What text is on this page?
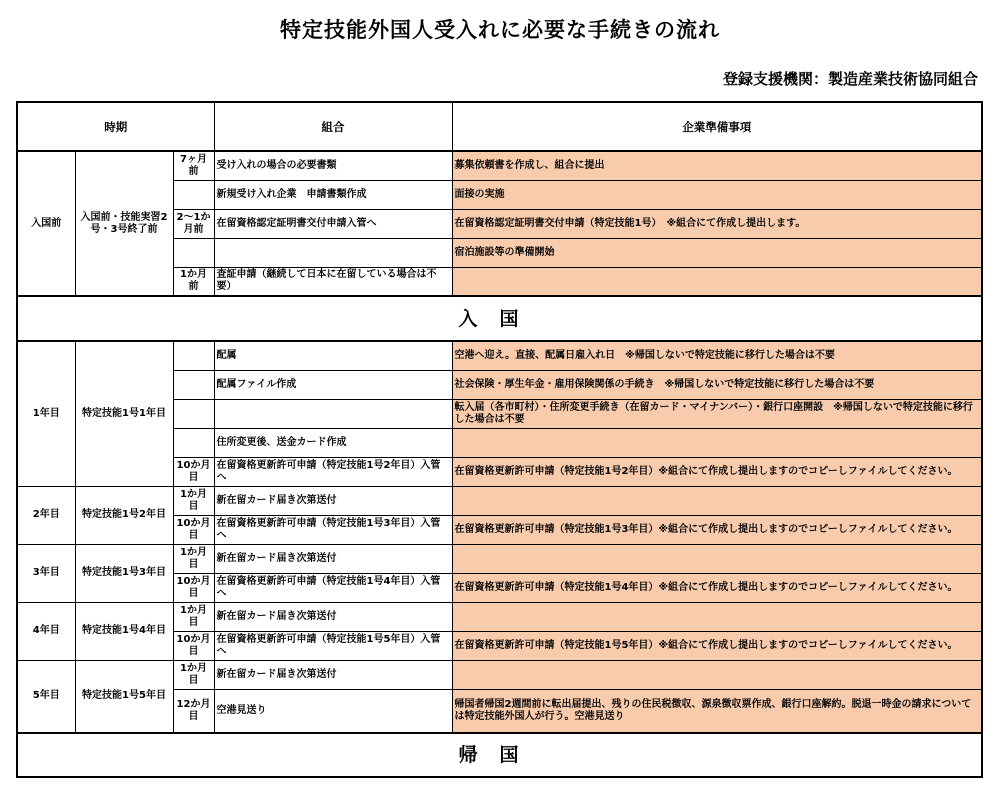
特定技能外国人受入れに必要な手続きの流れ
登録支援機関：製造産業技術協同組合
時期			組合	企業準備事項
入国前	入国前・技能実習2号・3号終了前	7ヶ月前	受け入れの場合の必要書類	募集依頼書を作成し、組合に提出
			新規受け入れ企業　申請書類作成	面接の実施
		2～1か月前	在留資格認定証明書交付申請入管へ	在留資格認定証明書交付申請（特定技能1号）　※組合にて作成し提出します。
				宿泊施設等の準備開始
		1か月前	査証申請（継続して日本に在留している場合は不要）	
入国				
1年目	特定技能1号1年目		配属	空港へ迎え。直接、配属日雇入れ日　※帰国しないで特定技能に移行した場合は不要
			配属ファイル作成	社会保険・厚生年金・雇用保険関係の手続き　※帰国しないで特定技能に移行した場合は不要
				転入届（各市町村）・住所変更手続き（在留カード・マイナンバー）・銀行口座開設　※帰国しないで特定技能に移行した場合は不要
			住所変更後、送金カード作成	
		10か月目	在留資格更新許可申請（特定技能1号2年目）入管へ	在留資格更新許可申請（特定技能1号2年目）※組合にて作成し提出しますのでコピーしファイルしてください。
2年目	特定技能1号2年目	1か月目	新在留カード届き次第送付	
		10か月目	在留資格更新許可申請（特定技能1号3年目）入管へ	在留資格更新許可申請（特定技能1号3年目）※組合にて作成し提出しますのでコピーしファイルしてください。
3年目	特定技能1号3年目	1か月目	新在留カード届き次第送付	
		10か月目	在留資格更新許可申請（特定技能1号4年目）入管へ	在留資格更新許可申請（特定技能1号4年目）※組合にて作成し提出しますのでコピーしファイルしてください。
4年目	特定技能1号4年目	1か月目	新在留カード届き次第送付	
		10か月目	在留資格更新許可申請（特定技能1号5年目）入管へ	在留資格更新許可申請（特定技能1号5年目）※組合にて作成し提出しますのでコピーしファイルしてください。
5年目	特定技能1号5年目	1か月目	新在留カード届き次第送付	
		12か月目	空港見送り	帰国者帰国2週間前に転出届提出、残りの住民税徴収、源泉徴収票作成、銀行口座解約。脱退一時金の請求については特定技能外国人が行う。空港見送り
帰国				
